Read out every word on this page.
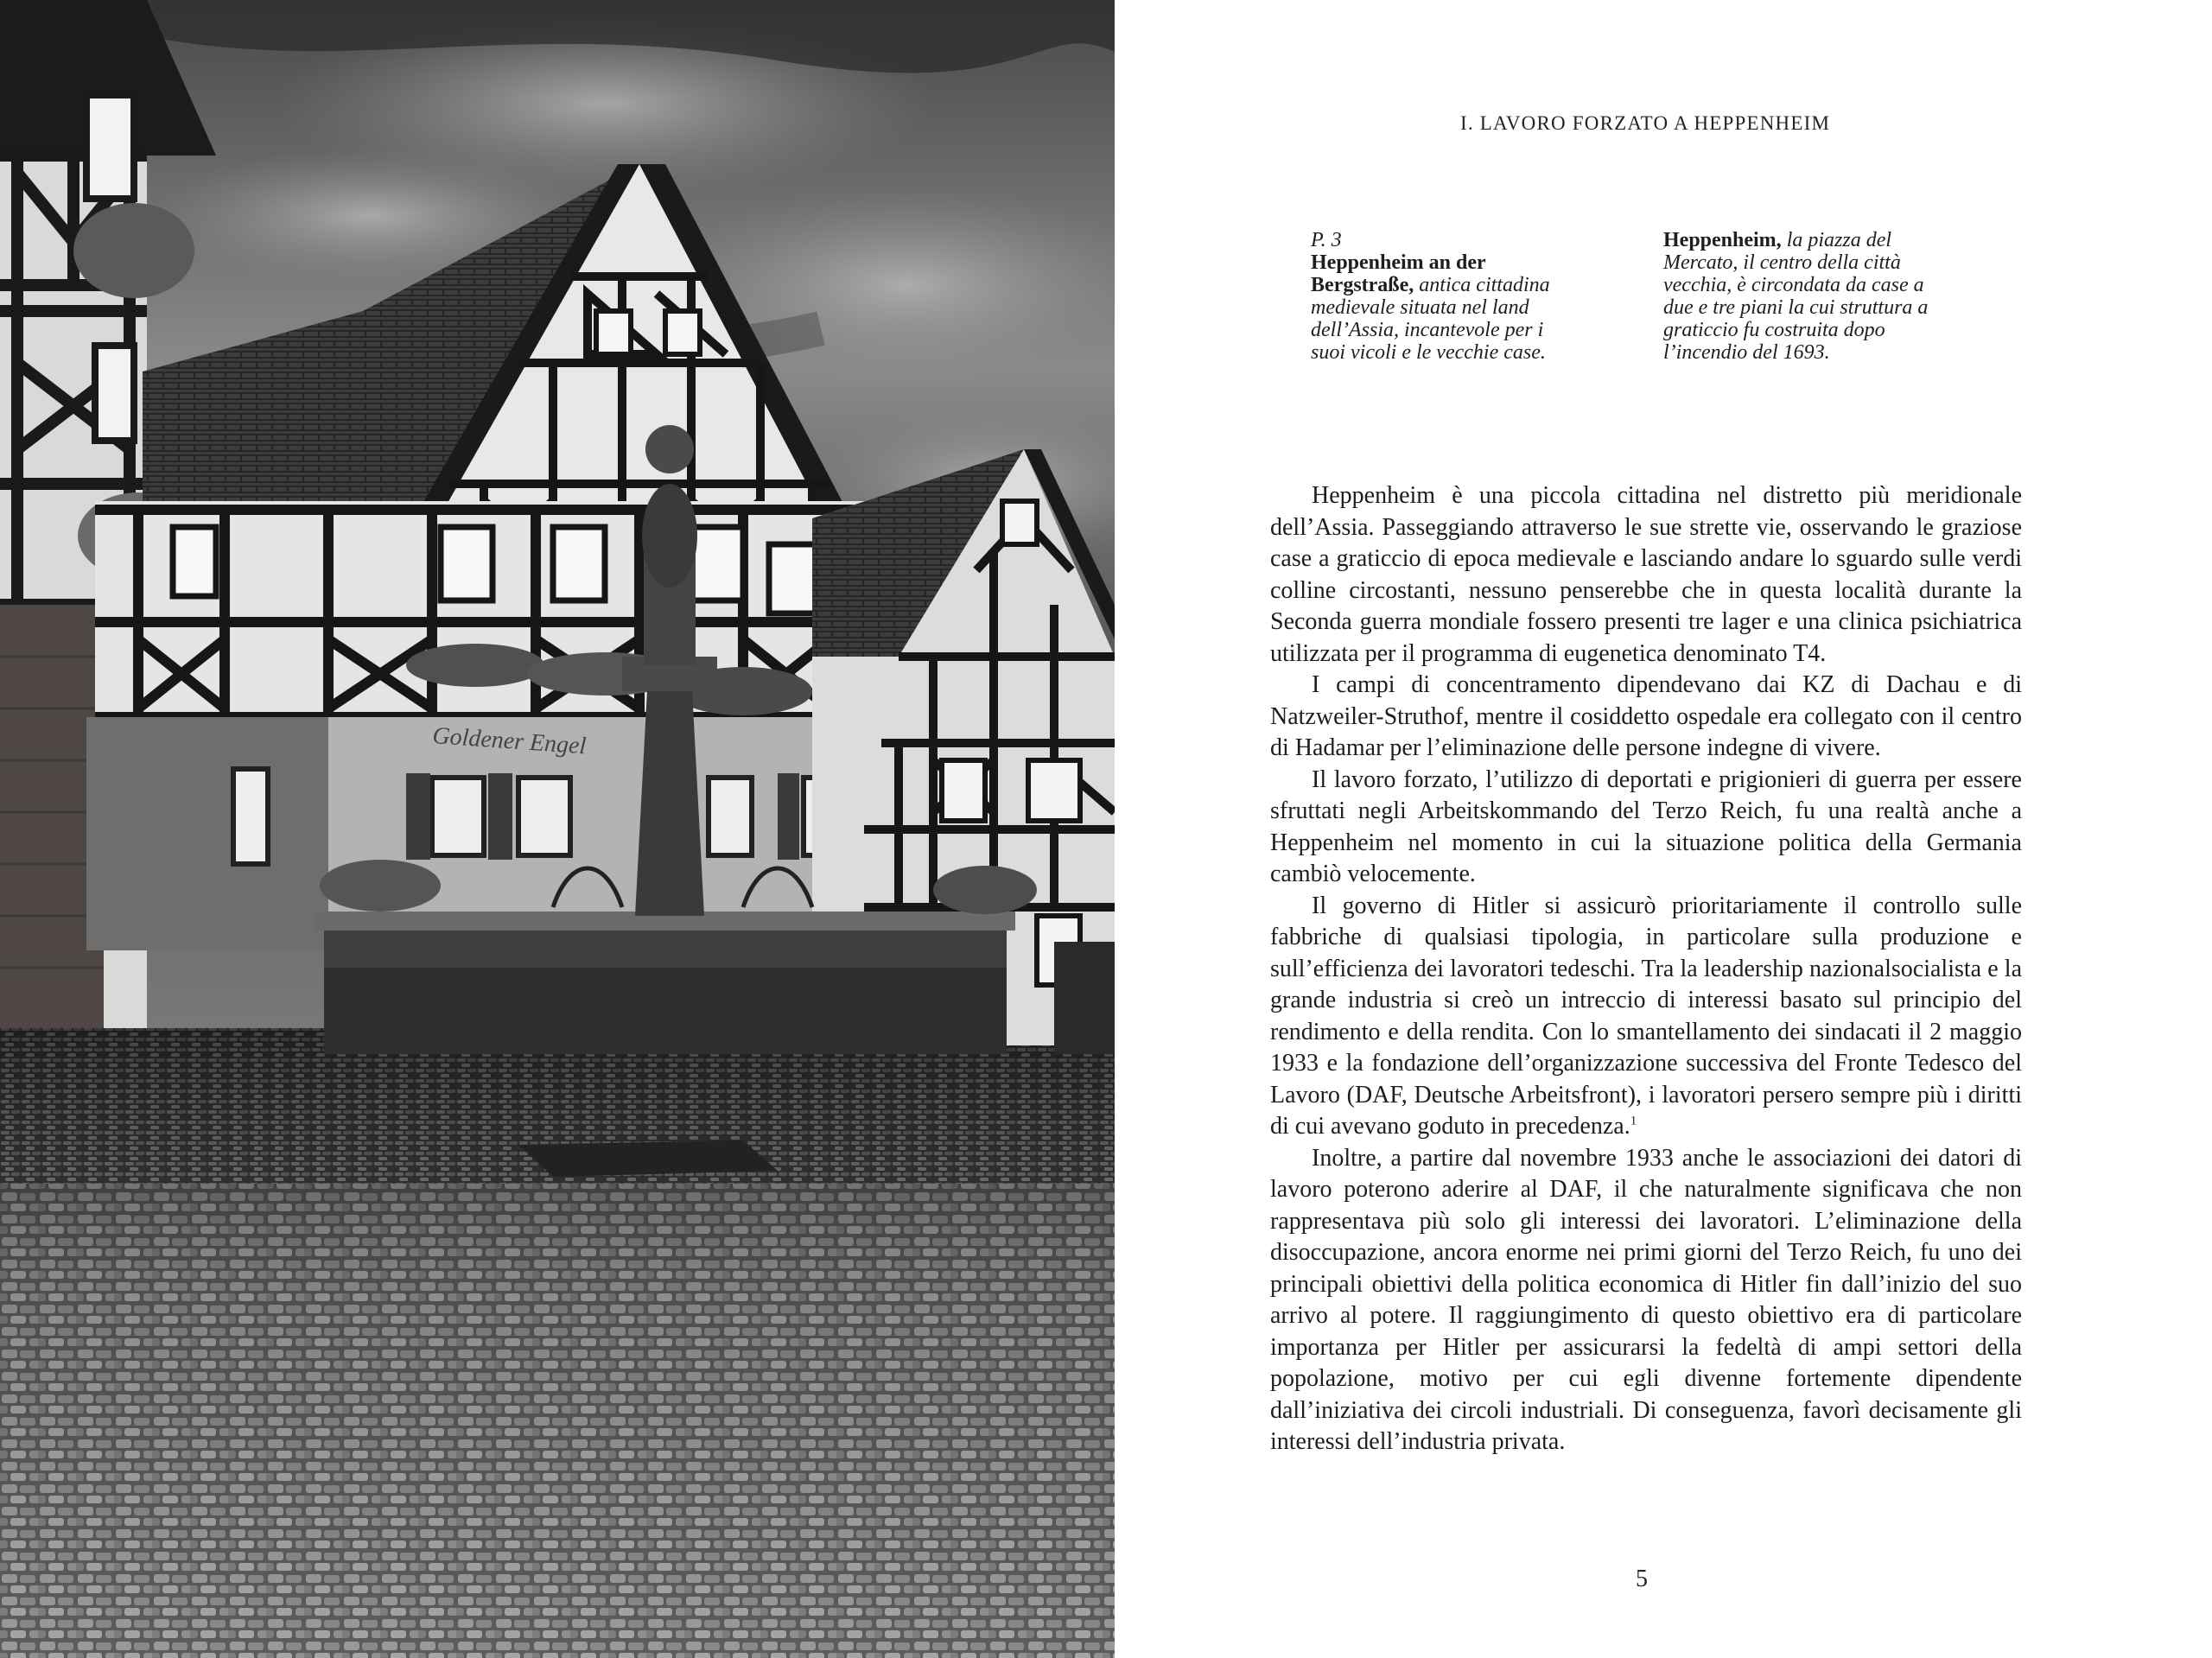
Goldener Engel
I. LAVORO FORZATO A HEPPENHEIM
P. 3
Heppenheim an der Bergstraße, antica cittadina medievale situata nel land dell’Assia, incantevole per i suoi vicoli e le vecchie case.
Heppenheim, la piazza del Mercato, il centro della città vecchia, è circondata da case a due e tre piani la cui struttura a graticcio fu costruita dopo l’incendio del 1693.

Heppenheim è una piccola cittadina nel distretto più meridionale dell’Assia. Passeggiando attraverso le sue strette vie, osservando le graziose case a graticcio di epoca medievale e lasciando andare lo sguardo sulle verdi colline circostanti, nessuno penserebbe che in questa località durante la Seconda guerra mondiale fossero presenti tre lager e una clinica psichiatrica utilizzata per il programma di eugenetica denominato T4.

I campi di concentramento dipendevano dai KZ di Dachau e di Natzweiler-Struthof, mentre il cosiddetto ospedale era collegato con il centro di Hadamar per l’eliminazione delle persone indegne di vivere.

Il lavoro forzato, l’utilizzo di deportati e prigionieri di guerra per essere sfruttati negli Arbeitskommando del Terzo Reich, fu una realtà anche a Heppenheim nel momento in cui la situazione politica della Germania cambiò velocemente.

Il governo di Hitler si assicurò prioritariamente il controllo sulle fabbriche di qualsiasi tipologia, in particolare sulla produzione e sull’efficienza dei lavoratori tedeschi. Tra la leadership nazionalsocialista e la grande industria si creò un intreccio di interessi basato sul principio del rendimento e della rendita. Con lo smantellamento dei sindacati il 2 maggio 1933 e la fondazione dell’organizzazione successiva del Fronte Tedesco del Lavoro (DAF, Deutsche Arbeitsfront), i lavoratori persero sempre più i diritti di cui avevano goduto in precedenza.$^1$

Inoltre, a partire dal novembre 1933 anche le associazioni dei datori di lavoro poterono aderire al DAF, il che naturalmente significava che non rappresentava più solo gli interessi dei lavoratori. L’eliminazione della disoccupazione, ancora enorme nei primi giorni del Terzo Reich, fu uno dei principali obiettivi della politica economica di Hitler fin dall’inizio del suo arrivo al potere. Il raggiungimento di questo obiettivo era di particolare importanza per Hitler per assicurarsi la fedeltà di ampi settori della popolazione, motivo per cui egli divenne fortemente dipendente dall’iniziativa dei circoli industriali. Di conseguenza, favorì decisamente gli interessi dell’industria privata.

5
